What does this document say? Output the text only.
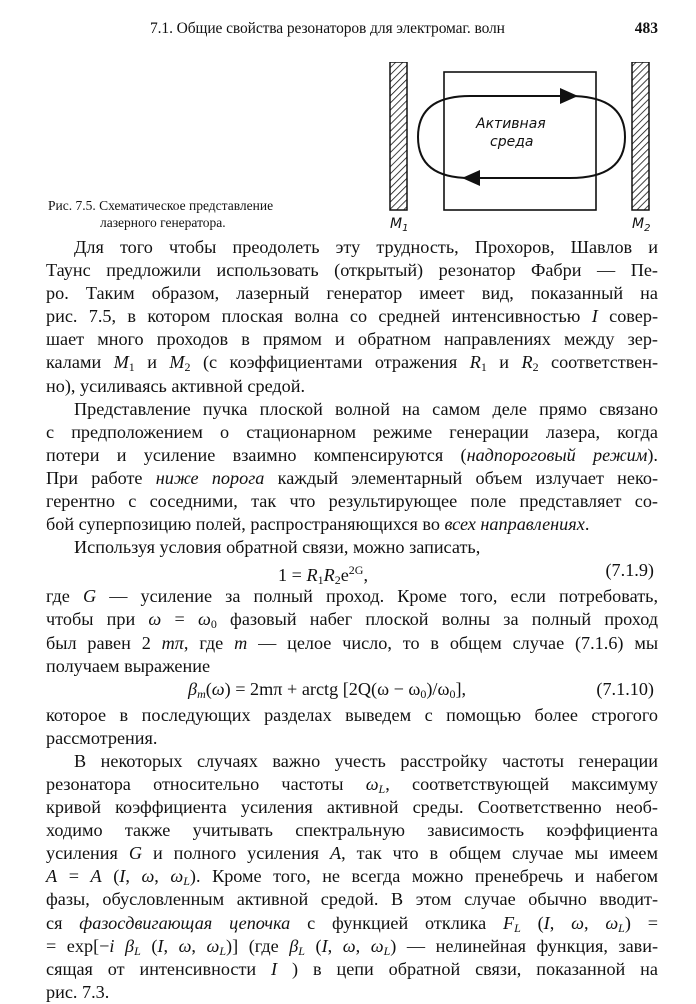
7.1. Общие свойства резонаторов для электромаг. волн	483
Активная
среда
$M_1$	$M_2$
Рис. 7.5. Схематическое представление
лазерного генератора.
Для того чтобы преодолеть эту трудность, Прохоров, Шавлов и
Таунс предложили использовать (открытый) резонатор Фабри — Пе-
ро. Таким образом, лазерный генератор имеет вид, показанный на
рис. 7.5, в котором плоская волна со средней интенсивностью I совер-
шает много проходов в прямом и обратном направлениях между зер-
калами $M_1$ и $M_2$ (с коэффициентами отражения $R_1$ и $R_2$ соответствен-
но), усиливаясь активной средой.
Представление пучка плоской волной на самом деле прямо связано
с предположением о стационарном режиме генерации лазера, когда
потери и усиление взаимно компенсируются (надпороговый режим).
При работе ниже порога каждый элементарный объем излучает неко-
герентно с соседними, так что результирующее поле представляет со-
бой суперпозицию полей, распространяющихся во всех направлениях.
Используя условия обратной связи, можно записать,
$1 = R_1R_2e^{2G}$,	(7.1.9)
где G — усиление за полный проход. Кроме того, если потребовать,
чтобы при $\omega = \omega_0$ фазовый набег плоской волны за полный проход
был равен 2 mπ, где m — целое число, то в общем случае (7.1.6) мы
получаем выражение
$\beta_m(\omega) = 2m\pi$ + arctg $[2Q(\omega - \omega_0)/\omega_0]$,	(7.1.10)
которое в последующих разделах выведем с помощью более строгого
рассмотрения.
В некоторых случаях важно учесть расстройку частоты генерации
резонатора относительно частоты $\omega_L$, соответствующей максимуму
кривой коэффициента усиления активной среды. Соответственно необ-
ходимо также учитывать спектральную зависимость коэффициента
усиления G и полного усиления A, так что в общем случае мы имеем
A = A (I, ω, $\omega_L$). Кроме того, не всегда можно пренебречь и набегом
фазы, обусловленным активной средой. В этом случае обычно вводит-
ся фазосдвигающая цепочка с функцией отклика $F_L$ (I, ω, $\omega_L$) =
= exp[−i $\beta_L$ (I, ω, $\omega_L$)] (где $\beta_L$ (I, ω, $\omega_L$) — нелинейная функция, зави-
сящая от интенсивности I ) в цепи обратной связи, показанной на
рис. 7.3.
